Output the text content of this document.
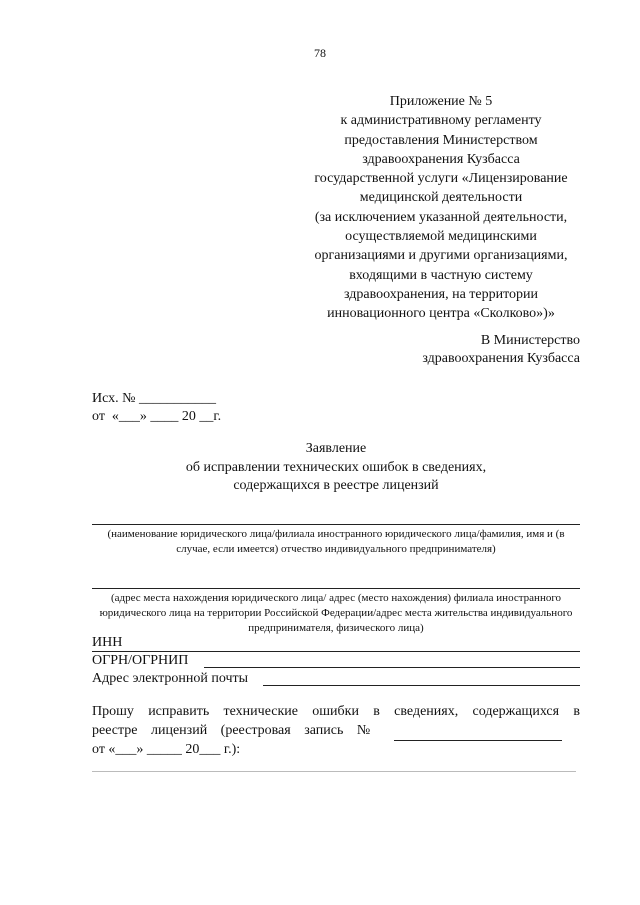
78
Приложение № 5
к административному регламенту
предоставления Министерством
здравоохранения Кузбасса
государственной услуги «Лицензирование
медицинской деятельности
(за исключением указанной деятельности,
осуществляемой медицинскими
организациями и другими организациями,
входящими в частную систему
здравоохранения, на территории
инновационного центра «Сколково»)»
В Министерство
здравоохранения Кузбасса
Исх. № ___________
от  «___» ____ 20 __г.
Заявление
об исправлении технических ошибок в сведениях,
содержащихся в реестре лицензий
(наименование юридического лица/филиала иностранного юридического лица/фамилия, имя и (в случае, если имеется) отчество индивидуального предпринимателя)
(адрес места нахождения юридического лица/ адрес (место нахождения) филиала иностранного юридического лица на территории Российской Федерации/адрес места жительства индивидуального предпринимателя, физического лица)
ИНН
ОГРН/ОГРНИП
Адрес электронной почты
Прошу исправить технические ошибки в сведениях, содержащихся в
реестре лицензий (реестровая запись №
от «___» _____ 20___ г.):
